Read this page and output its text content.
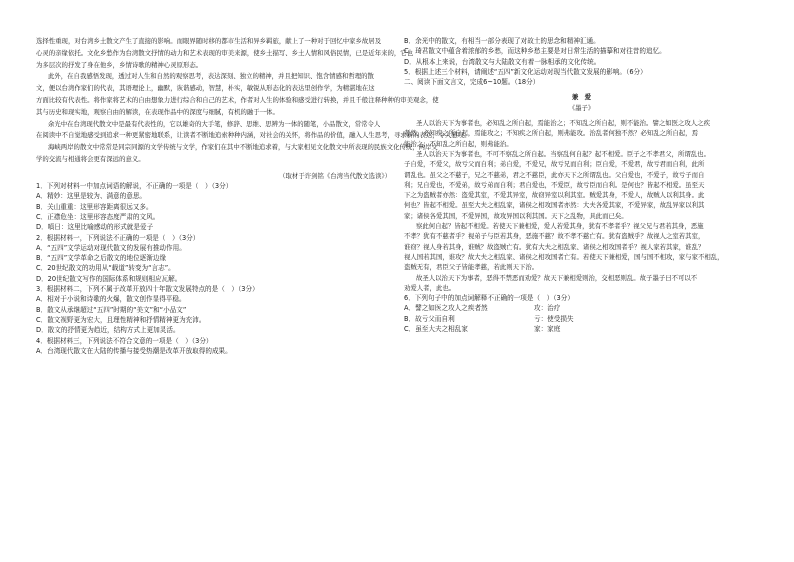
选择性重现，对台湾乡土散文产生了直接的影响。而眼界随时移的都市生活和异乡羁旅，献上了一种对于回忆中家乡故居及
心灵的亲缘依托。文化乡愁作为台湾散文抒情的动力和艺术表现的审美来源，使乡土描写、乡土人情和风俗民情，已是近年来的，它也
为多层次的抒发了身在他乡，乡情诗歌的精神心灵原形态。
此外，在自我感悟发现，透过对人生和自然的观察思考，表达深刻、独立的精神，并且把知识、饱含情感和哲理的散
文，便以台湾作家们的代表，其语理论上，幽默，诙谐感动，智慧，朴实，敏锐从形态化的表达里创作学，为精湛地在这
方面比较有代表性。将作家将艺术的自由想象力进行综合和自己的艺术，作者对人生的体验和感受进行转换，并且千般注释种种的审美观念，使
其与历史和现实地，观察自由的解读，在表现作品中的深度与细腻，有机的融于一体。
余光中在台湾现代散文中是最有代表性的，它以雄奇的大手笔，修辞、思维、思辨为一体的随笔，小品散文，常常令人
在阅读中不自觉地感受到追求一种更紧密地联系，让读者不断地追索种种内涵，对社会的关怀，将作品的价值，融入人生思考，寻求新的表达，令人感叹。
海峡两岸的散文中常常是同宗同源的文学传统与文学，作家们在其中不断地追求着，与大家相见文化散文中所表现的民族文化传统，两岸文
学的交流与相通将会更有深远的意义。
（取材于许剑铭《台湾当代散文选读》）
1．下列对材料一中加点词语的解说，不正确的一项是（　）（3分）
A．精妙：这里是较为、满意的意思。
B．关山重重：这里形容距离很远又多。
C．正襟危坐：这里形容态度严肃的文风。
D．嗔日：这里比喻感动的形式就是爱子
2．根据材料一，下列说法不正确的一项是（　）（3分）
A．“五四”文学运动对现代散文的发展有推动作用。
B．“五四”文学革命之后散文的地位逐渐边缘
C．20世纪散文的功用从“载道”转变为“言志”。
D．20世纪散文写作的国际体系和规则相应瓦解。
3．根据材料二，下列不属于改革开放四十年散文发展特点的是（　）（3分）
A．相对于小说和诗歌的火爆，散文创作显得平稳。
B．散文从承继超过“五四”时期的“美文”和“小品文”
C．散文视野更为宏大，且理性精神和抒情精神更为充沛。
D．散文的抒情更为趋近，结构方式上更加灵活。
4．根据材料三，下列说法不符合文意的一项是（　）（3分）
A．台湾现代散文在大陆的传播与接受热潮是改革开放取得的成果。
B．余光中的散文，有相当一部分表现了对故土的思念和精神汇通。
C．琦君散文中蕴含着浓郁的乡愁，而这种乡愁主要是对日常生活的描摹和对往昔的追忆。
D．从根本上来说，台湾散文与大陆散文有着一脉相承的文化传统。
5．根据上述三个材料，请阐述“五四”新文化运动对现当代散文发展的影响。（6分）
二、阅读下面文言文，完成6~10题。（18分）
兼　爱
《墨子》
圣人以治天下为事者也，必知乱之所自起，焉能治之；不知乱之所自起，则不能治。譬之如医之攻人之疾
者然，必知疾之所自起，焉能攻之；不知疾之所自起，则弗能攻。治乱者何独不然？必知乱之所自起，焉
能治之；不知乱之所自起，则弗能治。
圣人以治天下为事者也，不可不察乱之所自起。当察乱何自起？起不相爱。臣子之不孝君父，所谓乱也。
子自爱，不爱父，故亏父而自利；弟自爱，不爱兄，故亏兄而自利；臣自爱，不爱君，故亏君而自利，此所
谓乱也。虽父之不慈子，兄之不慈弟，君之不慈臣，此亦天下之所谓乱也。父自爱也，不爱子，故亏子而自
利；兄自爱也，不爱弟，故亏弟而自利；君自爱也，不爱臣，故亏臣而自利。是何也？皆起不相爱。虽至天
下之为盗贼者亦然：盗爱其室，不爱其异室，故窃异室以利其室。贼爱其身，不爱人，故贼人以利其身。此
何也？皆起不相爱。虽至大夫之相乱家，诸侯之相攻国者亦然：大夫各爱其家，不爱异家，故乱异家以利其
家；诸侯各爱其国，不爱异国，故攻异国以利其国。天下之乱物，具此而已矣。
察此何自起？皆起不相爱。若使天下兼相爱，爱人若爱其身，犹有不孝者乎？视父兄与君若其身，恶施
不孝？犹有不慈者乎？视弟子与臣若其身，恶施不慈？故不孝不慈亡有。犹有盗贼乎？故视人之室若其室，
谁窃？视人身若其身，谁贼？故盗贼亡有。犹有大夫之相乱家、诸侯之相攻国者乎？视人家若其家，谁乱？
视人国若其国，谁攻？故大夫之相乱家、诸侯之相攻国者亡有。若使天下兼相爱，国与国不相攻，家与家不相乱，
盗贼无有，君臣父子皆能孝慈，若此则天下治。
故圣人以治天下为事者，恶得不禁恶而劝爱？故天下兼相爱则治，交相恶则乱。故子墨子曰不可以不
劝爱人者，此也。
6．下列句子中的加点词解释不正确的一项是（　）（3分）
A．譬之如医之攻人之疾者然	攻：治疗
B．故亏父而自利	亏：使受损失
C．虽至大夫之相乱家	家：家庭
